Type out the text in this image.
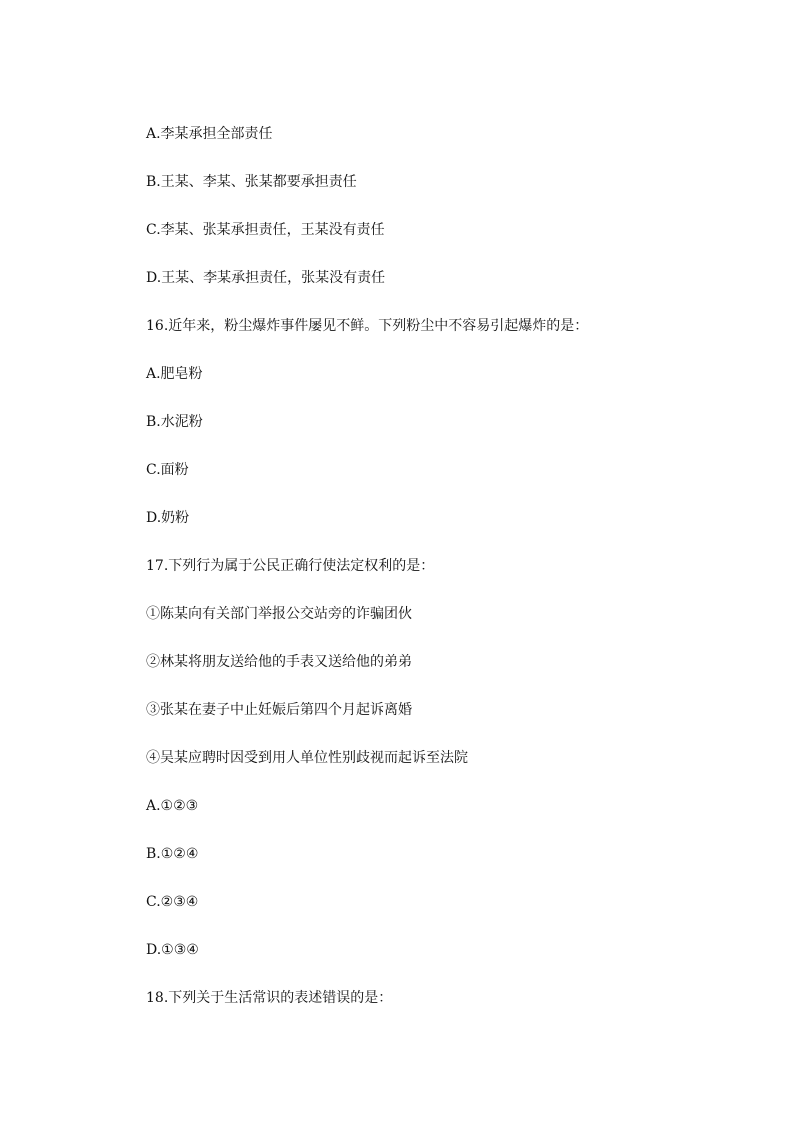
A.李某承担全部责任
B.王某、李某、张某都要承担责任
C.李某、张某承担责任，王某没有责任
D.王某、李某承担责任，张某没有责任
16.近年来，粉尘爆炸事件屡见不鲜。下列粉尘中不容易引起爆炸的是：
A.肥皂粉
B.水泥粉
C.面粉
D.奶粉
17.下列行为属于公民正确行使法定权利的是：
①陈某向有关部门举报公交站旁的诈骗团伙
②林某将朋友送给他的手表又送给他的弟弟
③张某在妻子中止妊娠后第四个月起诉离婚
④吴某应聘时因受到用人单位性别歧视而起诉至法院
A.①②③
B.①②④
C.②③④
D.①③④
18.下列关于生活常识的表述错误的是：
